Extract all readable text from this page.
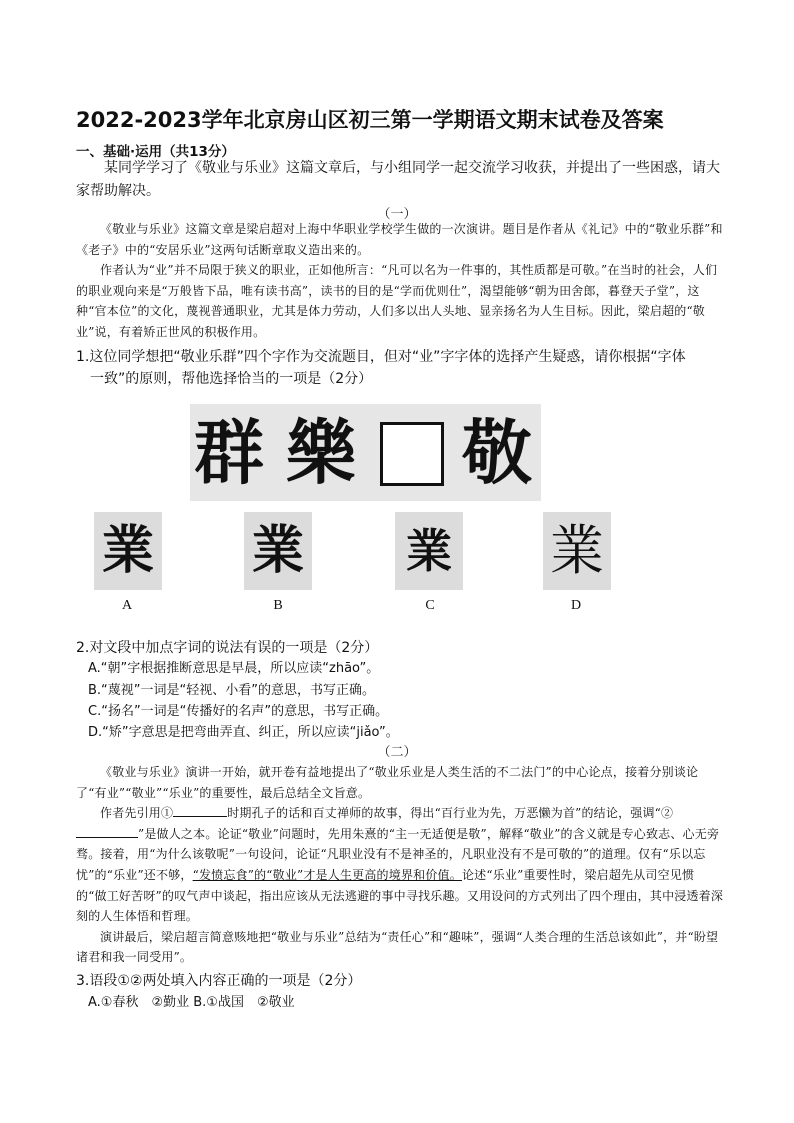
2022-2023学年北京房山区初三第一学期语文期末试卷及答案
一、基础·运用（共13分）
某同学学习了《敬业与乐业》这篇文章后，与小组同学一起交流学习收获，并提出了一些困惑，请大家帮助解决。
（一）

《敬业与乐业》这篇文章是梁启超对上海中华职业学校学生做的一次演讲。题目是作者从《礼记》中的“敬业乐群”和《老子》中的“安居乐业”这两句话断章取义造出来的。

作者认为“业”并不局限于狭义的职业，正如他所言：“凡可以名为一件事的，其性质都是可敬。”在当时的社会，人们的职业观向来是“万般皆下品，唯有读书高”，读书的目的是“学而优则仕”，渴望能够“朝为田舍郎，暮登天子堂”，这种“官本位”的文化，蔑视普通职业，尤其是体力劳动，人们多以出人头地、显亲扬名为人生目标。因此，梁启超的“敬业”说，有着矫正世风的积极作用。

1.这位同学想把“敬业乐群”四个字作为交流题目，但对“业”字字体的选择产生疑惑，请你根据“字体
一致”的原则，帮他选择恰当的一项是（2分）
群 樂 敬
業 業 業 業
A	B	C	D
2.对文段中加点字词的说法有误的一项是（2分）
A.“朝”字根据推断意思是早晨，所以应读“zhāo”。
B.“蔑视”一词是“轻视、小看”的意思，书写正确。
C.“扬名”一词是“传播好的名声”的意思，书写正确。
D.“矫”字意思是把弯曲弄直、纠正，所以应读“jiǎo”。
（二）

《敬业与乐业》演讲一开始，就开卷有益地提出了“敬业乐业是人类生活的不二法门”的中心论点，接着分别谈论了“有业”“敬业”“乐业”的重要性，最后总结全文旨意。

作者先引用①	时期孔子的话和百丈禅师的故事，得出“百行业为先，万恶懒为首”的结论，强调“②”是做人之本。论证“敬业”问题时，先用朱熹的“主一无适便是敬”，解释“敬业”的含义就是专心致志、心无旁骛。接着，用“为什么该敬呢”一句设问，论证“凡职业没有不是神圣的，凡职业没有不是可敬的”的道理。仅有“乐以忘忧”的“乐业”还不够，“发愤忘食”的“敬业”才是人生更高的境界和价值。论述“乐业”重要性时，梁启超先从司空见惯的“做工好苦呀”的叹气声中谈起，指出应该从无法逃避的事中寻找乐趣。又用设问的方式列出了四个理由，其中浸透着深刻的人生体悟和哲理。

演讲最后，梁启超言简意赅地把“敬业与乐业”总结为“责任心”和“趣味”，强调“人类合理的生活总该如此”，并“盼望诸君和我一同受用”。

3.语段①②两处填入内容正确的一项是（2分）
A.①春秋　②勤业 B.①战国　②敬业
